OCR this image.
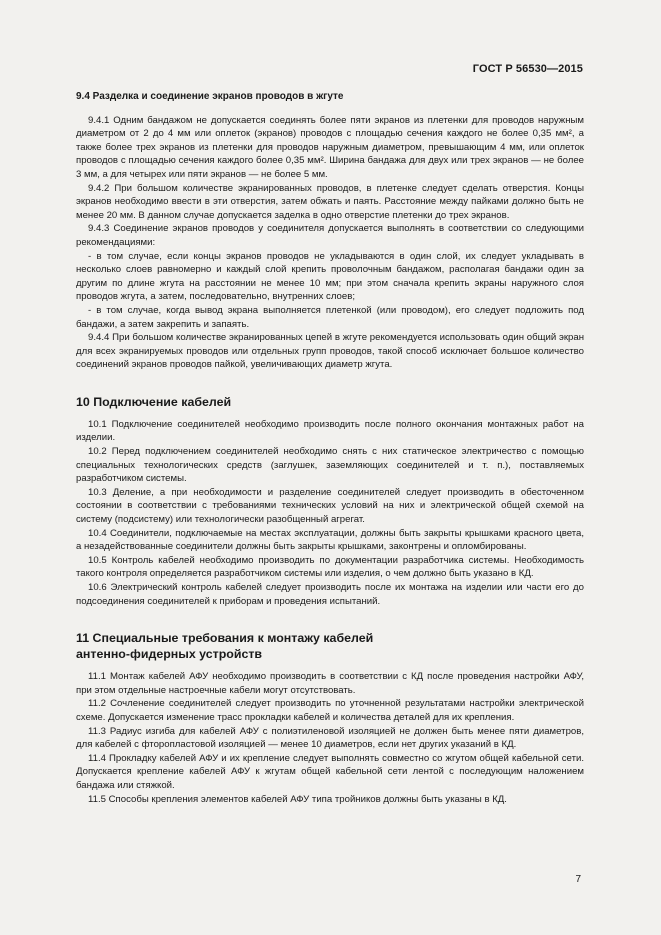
ГОСТ Р 56530—2015
9.4 Разделка и соединение экранов проводов в жгуте

9.4.1 Одним бандажом не допускается соединять более пяти экранов из плетенки для проводов наружным диаметром от 2 до 4 мм или оплеток (экранов) проводов с площадью сечения каждого не более 0,35 мм², а также более трех экранов из плетенки для проводов наружным диаметром, превышающим 4 мм, или оплеток проводов с площадью сечения каждого более 0,35 мм². Ширина бандажа для двух или трех экранов — не более 3 мм, а для четырех или пяти экранов — не более 5 мм.

9.4.2 При большом количестве экранированных проводов, в плетенке следует сделать отверстия. Концы экранов необходимо ввести в эти отверстия, затем обжать и паять. Расстояние между пайками должно быть не менее 20 мм. В данном случае допускается заделка в одно отверстие плетенки до трех экранов.

9.4.3 Соединение экранов проводов у соединителя допускается выполнять в соответствии со следующими рекомендациями:

- в том случае, если концы экранов проводов не укладываются в один слой, их следует укладывать в несколько слоев равномерно и каждый слой крепить проволочным бандажом, располагая бандажи один за другим по длине жгута на расстоянии не менее 10 мм; при этом сначала крепить экраны наружного слоя проводов жгута, а затем, последовательно, внутренних слоев;

- в том случае, когда вывод экрана выполняется плетенкой (или проводом), его следует подложить под бандажи, а затем закрепить и запаять.

9.4.4 При большом количестве экранированных цепей в жгуте рекомендуется использовать один общий экран для всех экранируемых проводов или отдельных групп проводов, такой способ исключает большое количество соединений экранов проводов пайкой, увеличивающих диаметр жгута.

10 Подключение кабелей

10.1 Подключение соединителей необходимо производить после полного окончания монтажных работ на изделии.

10.2 Перед подключением соединителей необходимо снять с них статическое электричество с помощью специальных технологических средств (заглушек, заземляющих соединителей и т. п.), поставляемых разработчиком системы.

10.3 Деление, а при необходимости и разделение соединителей следует производить в обесточенном состоянии в соответствии с требованиями технических условий на них и электрической общей схемой на систему (подсистему) или технологически разобщенный агрегат.

10.4 Соединители, подключаемые на местах эксплуатации, должны быть закрыты крышками красного цвета, а незадействованные соединители должны быть закрыты крышками, законтрены и опломбированы.

10.5 Контроль кабелей необходимо производить по документации разработчика системы. Необходимость такого контроля определяется разработчиком системы или изделия, о чем должно быть указано в КД.

10.6 Электрический контроль кабелей следует производить после их монтажа на изделии или части его до подсоединения соединителей к приборам и проведения испытаний.

11 Специальные требования к монтажу кабелей
антенно-фидерных устройств

11.1 Монтаж кабелей АФУ необходимо производить в соответствии с КД после проведения настройки АФУ, при этом отдельные настроечные кабели могут отсутствовать.

11.2 Сочленение соединителей следует производить по уточненной результатами настройки электрической схеме. Допускается изменение трасс прокладки кабелей и количества деталей для их крепления.

11.3 Радиус изгиба для кабелей АФУ с полиэтиленовой изоляцией не должен быть менее пяти диаметров, для кабелей с фторопластовой изоляцией — менее 10 диаметров, если нет других указаний в КД.

11.4 Прокладку кабелей АФУ и их крепление следует выполнять совместно со жгутом общей кабельной сети. Допускается крепление кабелей АФУ к жгутам общей кабельной сети лентой с последующим наложением бандажа или стяжкой.

11.5 Способы крепления элементов кабелей АФУ типа тройников должны быть указаны в КД.

7
